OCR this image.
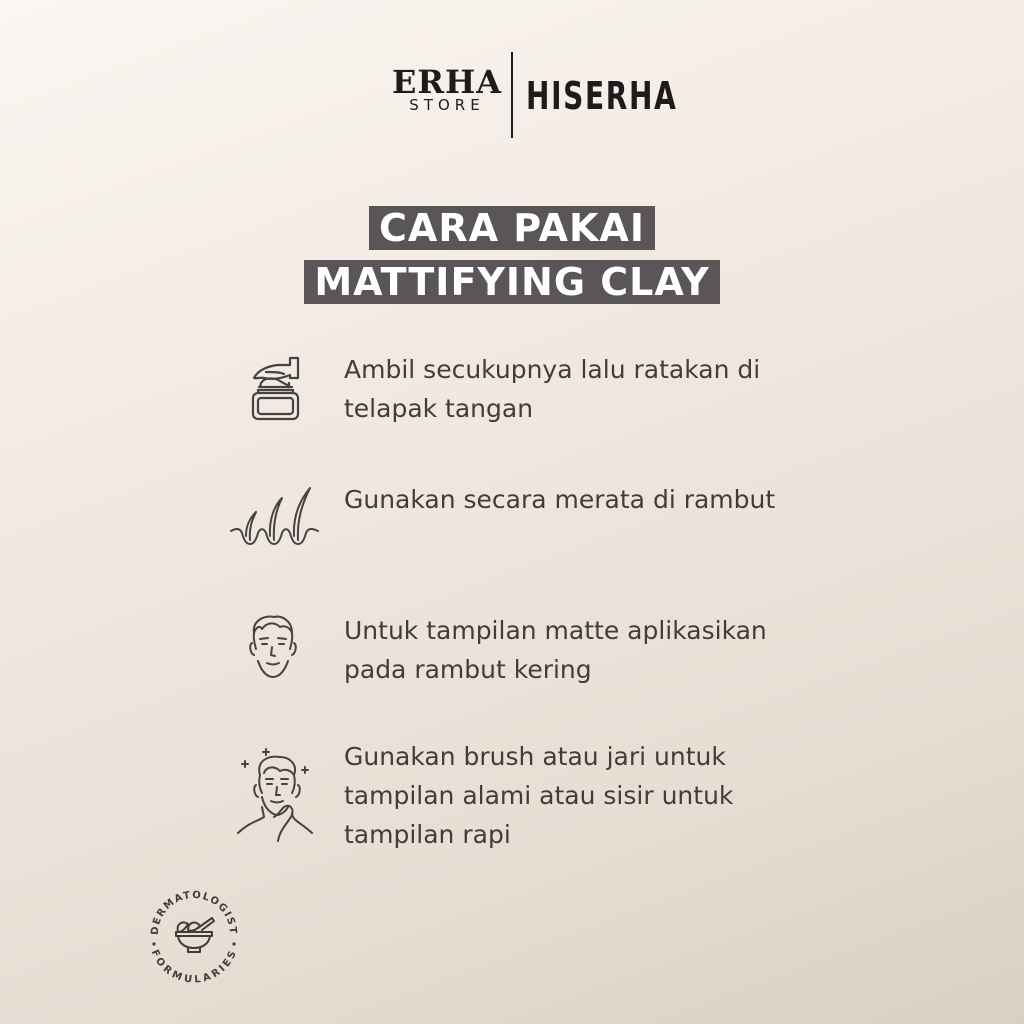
ERHA
STORE	HISERHA
CARA PAKAI
MATTIFYING CLAY
Ambil secukupnya lalu ratakan di telapak tangan
Gunakan secara merata di rambut
Untuk tampilan matte aplikasikan pada rambut kering
Gunakan brush atau jari untuk tampilan alami atau sisir untuk tampilan rapi
DERMATOLOGIST
FORMULARIES
